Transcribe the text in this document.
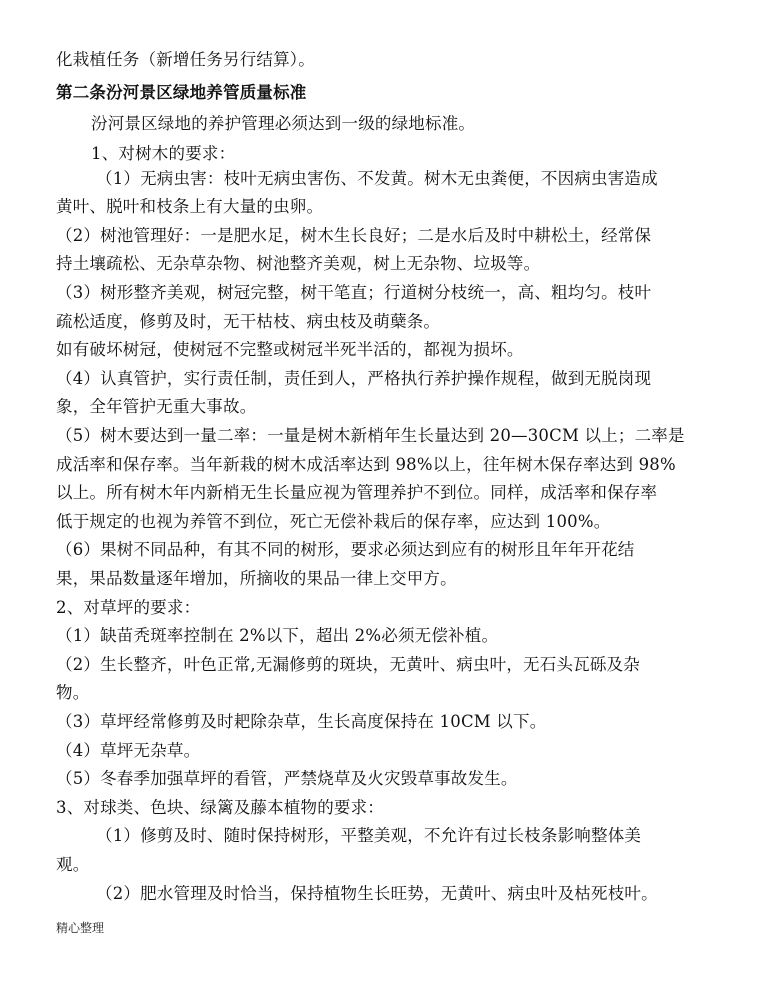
化栽植任务（新增任务另行结算）。
第二条汾河景区绿地养管质量标准
汾河景区绿地的养护管理必须达到一级的绿地标准。
1、对树木的要求：
（1）无病虫害：枝叶无病虫害伤、不发黄。树木无虫粪便，不因病虫害造成
黄叶、脱叶和枝条上有大量的虫卵。
（2）树池管理好：一是肥水足，树木生长良好；二是水后及时中耕松土，经常保
持土壤疏松、无杂草杂物、树池整齐美观，树上无杂物、垃圾等。
（3）树形整齐美观，树冠完整，树干笔直；行道树分枝统一，高、粗均匀。枝叶
疏松适度，修剪及时，无干枯枝、病虫枝及萌蘖条。
如有破坏树冠，使树冠不完整或树冠半死半活的，都视为损坏。
（4）认真管护，实行责任制，责任到人，严格执行养护操作规程，做到无脱岗现
象，全年管护无重大事故。
（5）树木要达到一量二率：一量是树木新梢年生长量达到 20—30CM 以上；二率是
成活率和保存率。当年新栽的树木成活率达到 98%以上，往年树木保存率达到 98%
以上。所有树木年内新梢无生长量应视为管理养护不到位。同样，成活率和保存率
低于规定的也视为养管不到位，死亡无偿补栽后的保存率，应达到 100%。
（6）果树不同品种，有其不同的树形，要求必须达到应有的树形且年年开花结
果，果品数量逐年增加，所摘收的果品一律上交甲方。
2、对草坪的要求：
（1）缺苗秃斑率控制在 2%以下，超出 2%必须无偿补植。
（2）生长整齐，叶色正常,无漏修剪的斑块，无黄叶、病虫叶，无石头瓦砾及杂
物。
（3）草坪经常修剪及时耙除杂草，生长高度保持在 10CM 以下。
（4）草坪无杂草。
（5）冬春季加强草坪的看管，严禁烧草及火灾毁草事故发生。
3、对球类、色块、绿篱及藤本植物的要求：
（1）修剪及时、随时保持树形，平整美观，不允许有过长枝条影响整体美
观。
（2）肥水管理及时恰当，保持植物生长旺势，无黄叶、病虫叶及枯死枝叶。
精心整理
